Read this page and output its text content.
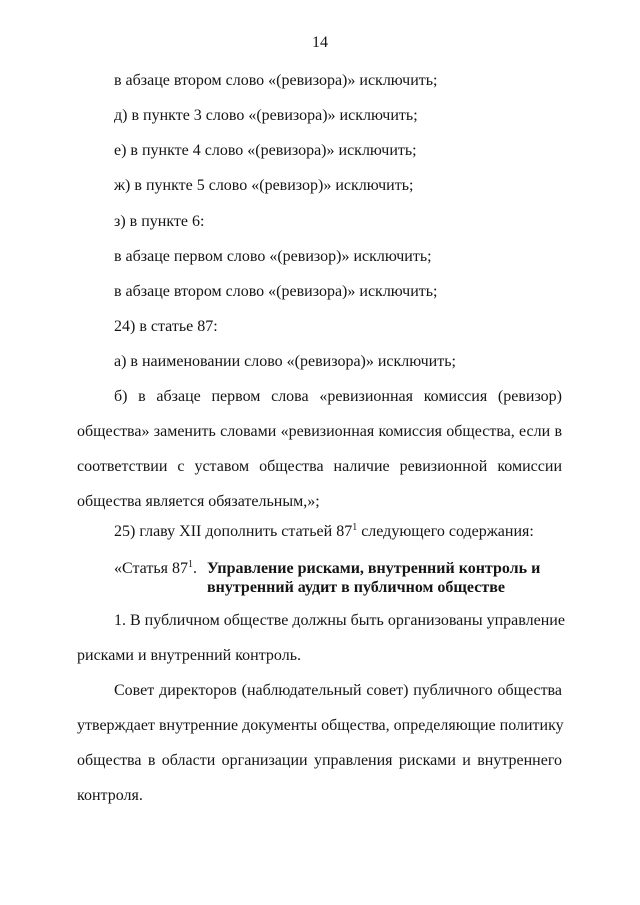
14
в абзаце втором слово «(ревизора)» исключить;
д) в пункте 3 слово «(ревизора)» исключить;
е) в пункте 4 слово «(ревизора)» исключить;
ж) в пункте 5 слово «(ревизор)» исключить;
з) в пункте 6:
в абзаце первом слово «(ревизор)» исключить;
в абзаце втором слово «(ревизора)» исключить;
24) в статье 87:
а) в наименовании слово «(ревизора)» исключить;
б) в абзаце первом слова «ревизионная комиссия (ревизор)
общества» заменить словами «ревизионная комиссия общества, если в
соответствии с уставом общества наличие ревизионной комиссии
общества является обязательным,»;
25) главу XII дополнить статьей $87^1$ следующего содержания:
«Статья $87^1$. Управление рисками, внутренний контроль и
внутренний аудит в публичном обществе
1. В публичном обществе должны быть организованы управление
рисками и внутренний контроль.
Совет директоров (наблюдательный совет) публичного общества
утверждает внутренние документы общества, определяющие политику
общества в области организации управления рисками и внутреннего
контроля.
